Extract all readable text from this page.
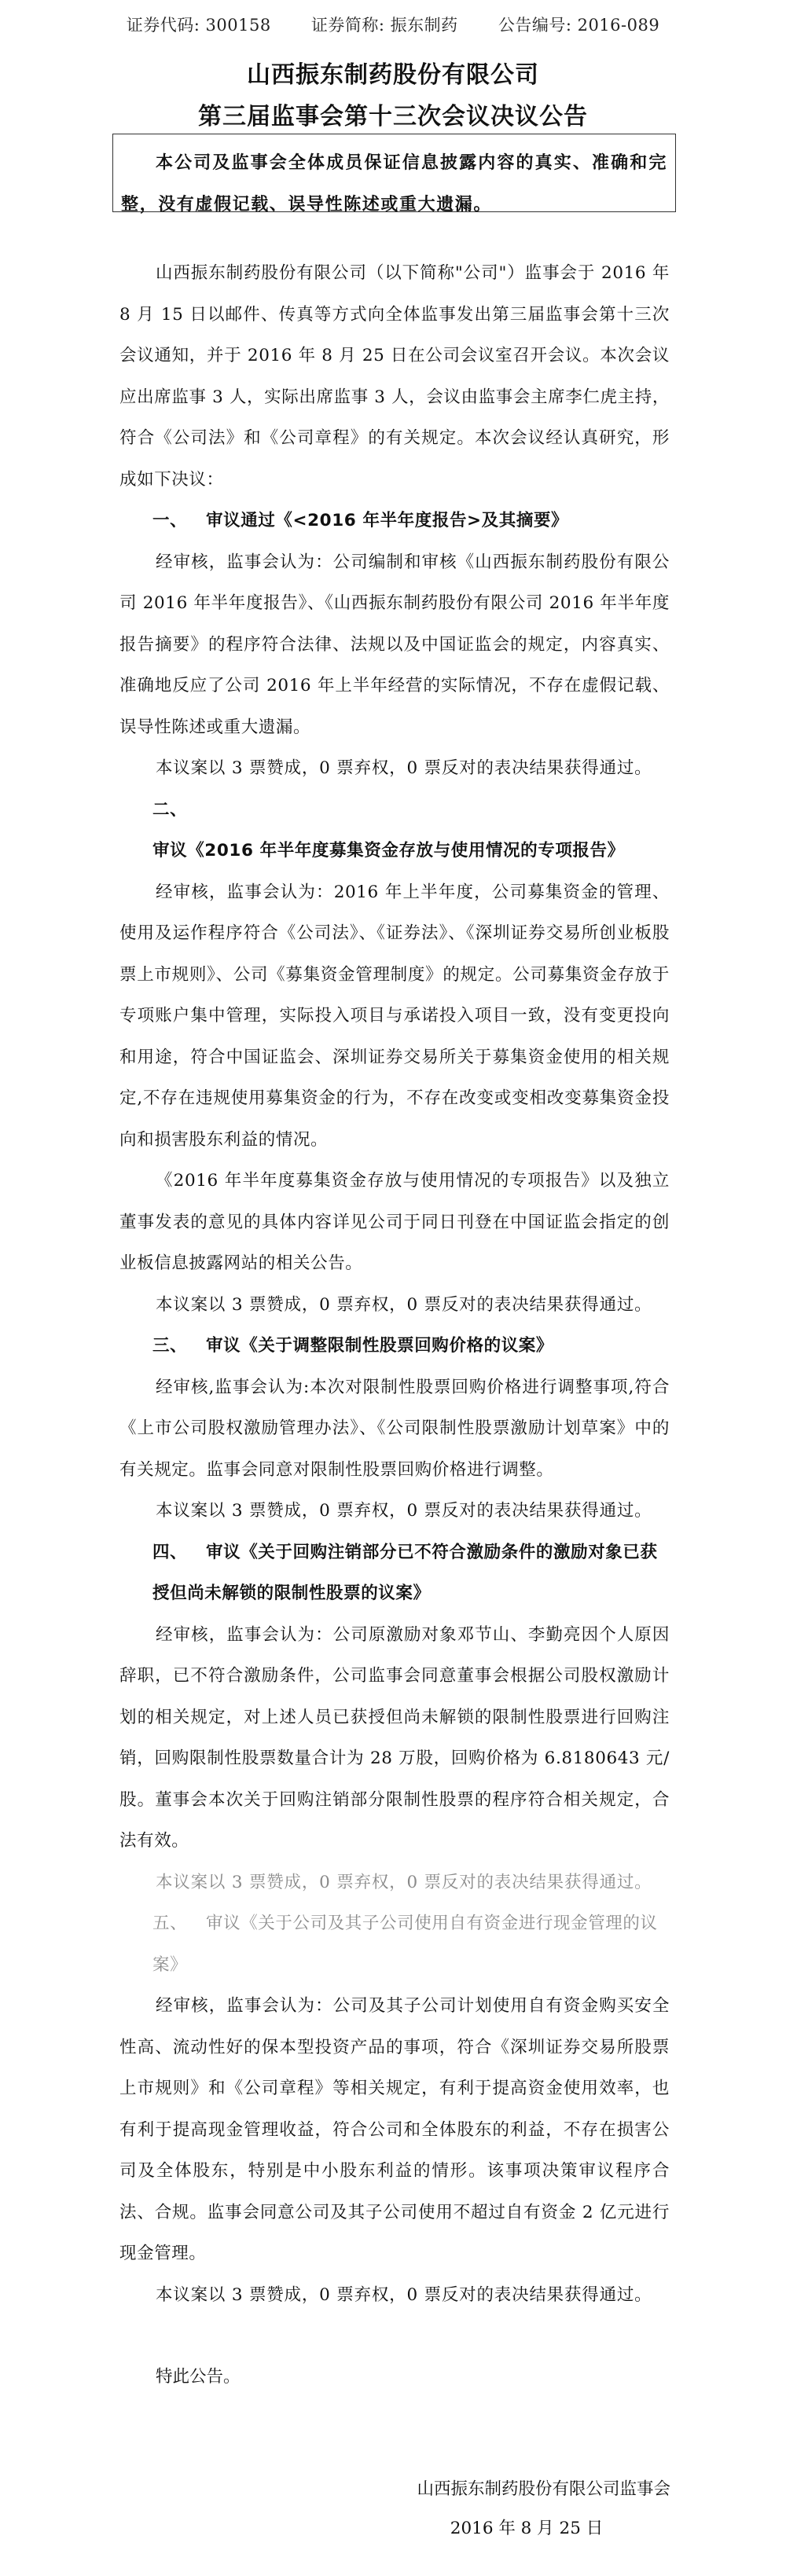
证券代码: 300158 证券简称: 振东制药 公告编号: 2016-089
山西振东制药股份有限公司
第三届监事会第十三次会议决议公告
本公司及监事会全体成员保证信息披露内容的真实、准确和完整，没有虚假记载、误导性陈述或重大遗漏。

山西振东制药股份有限公司（以下简称"公司"）监事会于 2016 年 8 月 15 日以邮件、传真等方式向全体监事发出第三届监事会第十三次会议通知，并于 2016 年 8 月 25 日在公司会议室召开会议。本次会议应出席监事 3 人，实际出席监事 3 人，会议由监事会主席李仁虎主持，符合《公司法》和《公司章程》的有关规定。本次会议经认真研究，形成如下决议：

一、 审议通过《<2016 年半年度报告>及其摘要》

经审核，监事会认为：公司编制和审核《山西振东制药股份有限公司 2016 年半年度报告》、《山西振东制药股份有限公司 2016 年半年度报告摘要》的程序符合法律、法规以及中国证监会的规定，内容真实、准确地反应了公司 2016 年上半年经营的实际情况，不存在虚假记载、误导性陈述或重大遗漏。

本议案以 3 票赞成，0 票弃权，0 票反对的表决结果获得通过。

二、审议《2016 年半年度募集资金存放与使用情况的专项报告》

经审核，监事会认为：2016 年上半年度，公司募集资金的管理、使用及运作程序符合《公司法》、《证券法》、《深圳证券交易所创业板股票上市规则》、公司《募集资金管理制度》的规定。公司募集资金存放于专项账户集中管理，实际投入项目与承诺投入项目一致，没有变更投向和用途，符合中国证监会、深圳证券交易所关于募集资金使用的相关规定,不存在违规使用募集资金的行为，不存在改变或变相改变募集资金投向和损害股东利益的情况。

《2016 年半年度募集资金存放与使用情况的专项报告》以及独立董事发表的意见的具体内容详见公司于同日刊登在中国证监会指定的创业板信息披露网站的相关公告。

本议案以 3 票赞成，0 票弃权，0 票反对的表决结果获得通过。

三、 审议《关于调整限制性股票回购价格的议案》

经审核,监事会认为:本次对限制性股票回购价格进行调整事项,符合《上市公司股权激励管理办法》、《公司限制性股票激励计划草案》中的有关规定。监事会同意对限制性股票回购价格进行调整。

本议案以 3 票赞成，0 票弃权，0 票反对的表决结果获得通过。

四、 审议《关于回购注销部分已不符合激励条件的激励对象已获授但尚未解锁的限制性股票的议案》

经审核，监事会认为：公司原激励对象邓节山、李勤亮因个人原因辞职，已不符合激励条件，公司监事会同意董事会根据公司股权激励计划的相关规定，对上述人员已获授但尚未解锁的限制性股票进行回购注销，回购限制性股票数量合计为 28 万股，回购价格为 6.8180643 元/股。董事会本次关于回购注销部分限制性股票的程序符合相关规定，合法有效。

本议案以 3 票赞成，0 票弃权，0 票反对的表决结果获得通过。

五、 审议《关于公司及其子公司使用自有资金进行现金管理的议案》

经审核，监事会认为：公司及其子公司计划使用自有资金购买安全性高、流动性好的保本型投资产品的事项，符合《深圳证券交易所股票上市规则》和《公司章程》等相关规定，有利于提高资金使用效率，也有利于提高现金管理收益，符合公司和全体股东的利益，不存在损害公司及全体股东，特别是中小股东利益的情形。该事项决策审议程序合法、合规。监事会同意公司及其子公司使用不超过自有资金 2 亿元进行现金管理。

本议案以 3 票赞成，0 票弃权，0 票反对的表决结果获得通过。

特此公告。

山西振东制药股份有限公司监事会
2016 年 8 月 25 日
